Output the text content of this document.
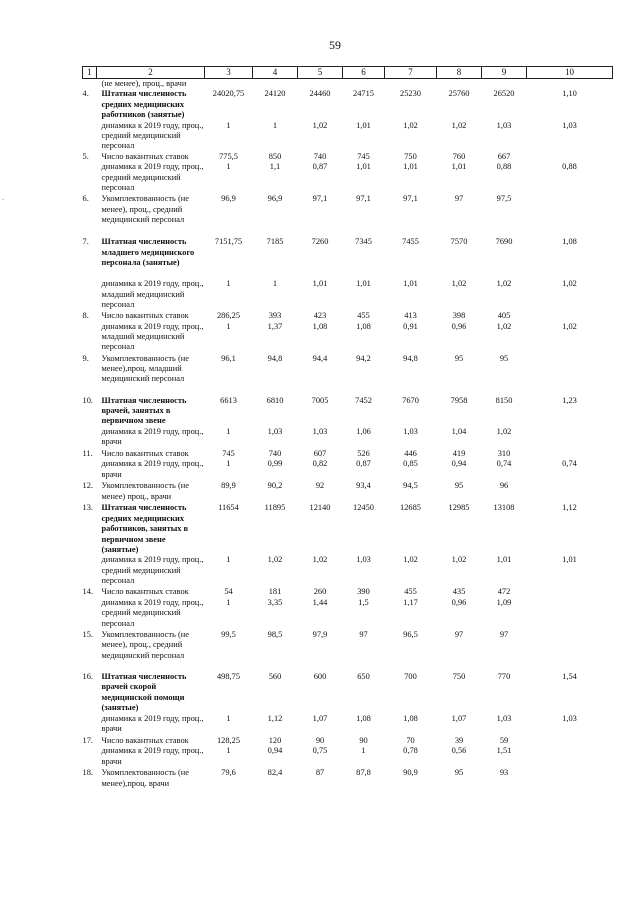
59
·
1	2	3	4	5	6	7	8	9	10
	(не менее), проц., врачи								
4.	Штатная численность средних медицинских работников (занятые)	24020,75	24120	24460	24715	25230	25760	26520	1,10
	динамика к 2019 году, проц., средний медицинский персонал	1	1	1,02	1,01	1,02	1,02	1,03	1,03
5.	Число вакантных ставок	775,5	850	740	745	750	760	667	
	динамика к 2019 году, проц., средний медицинский персонал	1	1,1	0,87	1,01	1,01	1,01	0,88	0,88
6.	Укомплектованность (не менее), проц., средний медицинский персонал	96,9	96,9	97,1	97,1	97,1	97	97,5	
7.	Штатная численность младшего медицинского персонала (занятые)	7151,75	7185	7260	7345	7455	7570	7690	1,08
	динамика к 2019 году, проц., младший медицинский персонал	1	1	1,01	1,01	1,01	1,02	1,02	1,02
8.	Число вакантных ставок	286,25	393	423	455	413	398	405	
	динамика к 2019 году, проц., младший медицинский персонал	1	1,37	1,08	1,08	0,91	0,96	1,02	1,02
9.	Укомплектованность (не менее),проц. младший медицинский персонал	96,1	94,8	94,4	94,2	94,8	95	95	
10.	Штатная численность врачей, занятых в первичном звене	6613	6810	7005	7452	7670	7958	8150	1,23
	динамика к 2019 году, проц., врачи	1	1,03	1,03	1,06	1,03	1,04	1,02	
11.	Число вакантных ставок	745	740	607	526	446	419	310	
	динамика к 2019 году, проц., врачи	1	0,99	0,82	0,87	0,85	0,94	0,74	0,74
12.	Укомплектованность (не менее) проц., врачи	89,9	90,2	92	93,4	94,5	95	96	
13.	Штатная численность средних медицинских работников, занятых в первичном звене (занятые)	11654	11895	12140	12450	12685	12985	13108	1,12
	динамика к 2019 году, проц., средний медицинский персонал	1	1,02	1,02	1,03	1,02	1,02	1,01	1,01
14.	Число вакантных ставок	54	181	260	390	455	435	472	
	динамика к 2019 году, проц., средний медицинский персонал	1	3,35	1,44	1,5	1,17	0,96	1,09	
15.	Укомплектованность (не менее), проц., средний медицинский персонал	99,5	98,5	97,9	97	96,5	97	97	
16.	Штатная численность врачей скорой медицинской помощи (занятые)	498,75	560	600	650	700	750	770	1,54
	динамика к 2019 году, проц., врачи	1	1,12	1,07	1,08	1,08	1,07	1,03	1,03
17.	Число вакантных ставок	128,25	120	90	90	70	39	59	
	динамика к 2019 году, проц., врачи	1	0,94	0,75	1	0,78	0,56	1,51	
18.	Укомплектованность (не менее),проц. врачи	79,6	82,4	87	87,8	90,9	95	93	
